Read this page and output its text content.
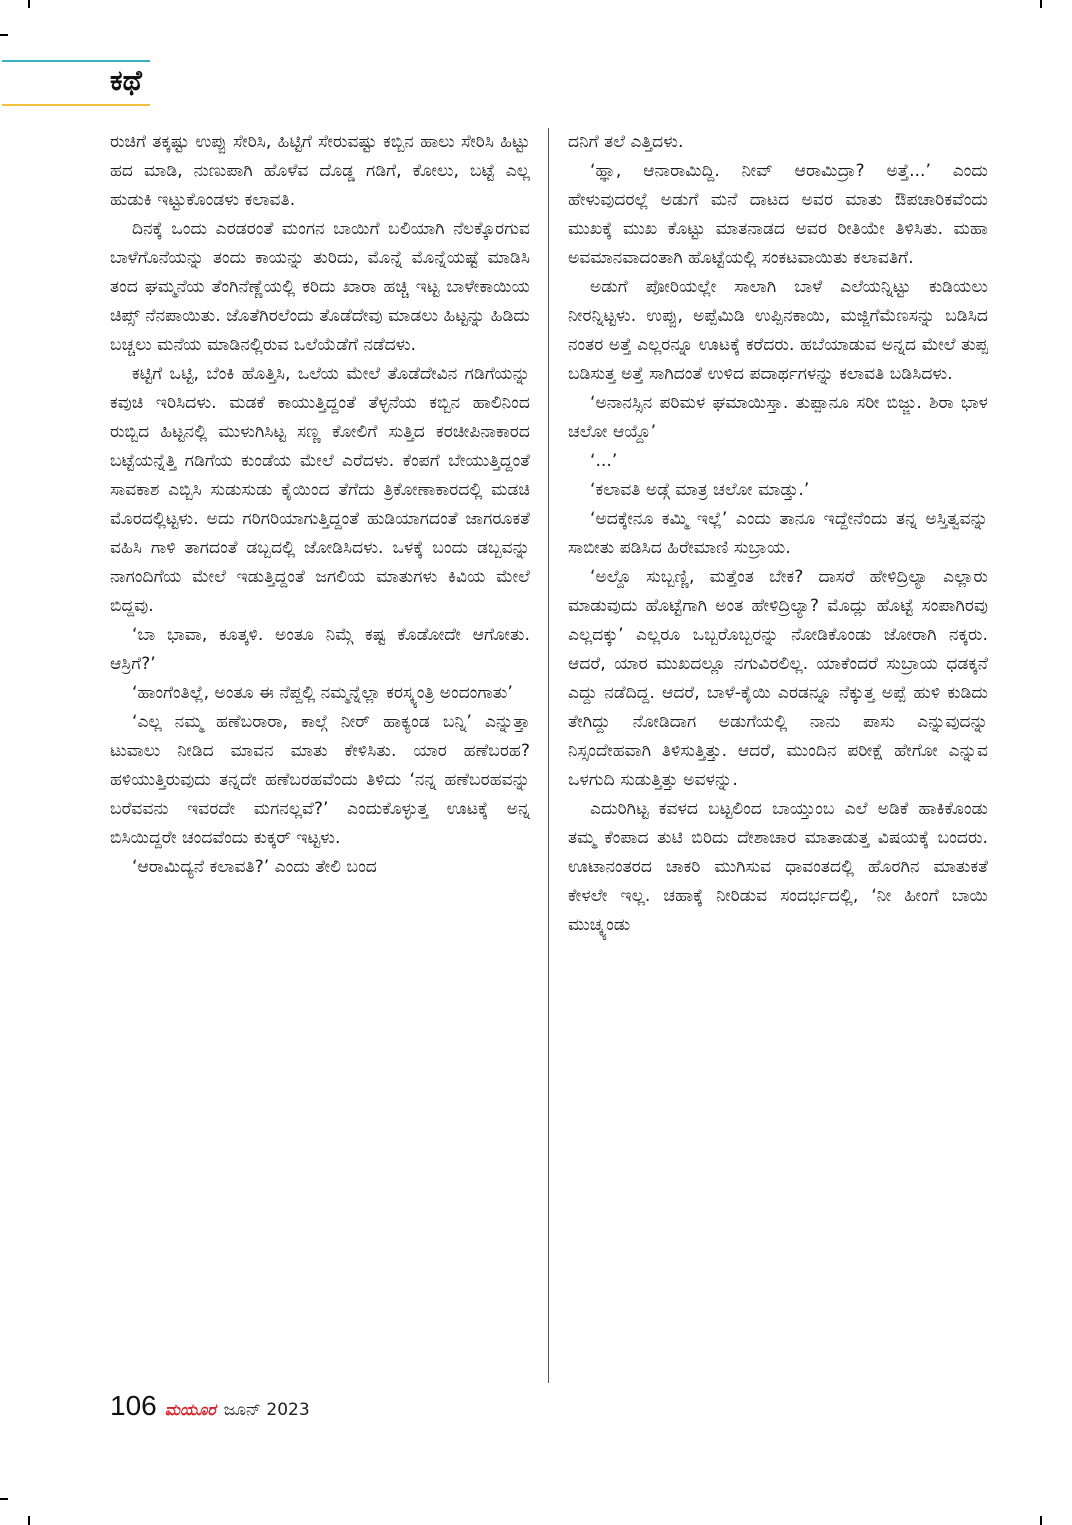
ಕಥೆ

ರುಚಿಗೆ ತಕ್ಕಷ್ಟು ಉಪ್ಪು ಸೇರಿಸಿ, ಹಿಟ್ಟಿಗೆ ಸೇರುವಷ್ಟು ಕಬ್ಬಿನ ಹಾಲು ಸೇರಿಸಿ ಹಿಟ್ಟು ಹದ ಮಾಡಿ, ನುಣುಪಾಗಿ ಹೊಳೆವ ದೊಡ್ಡ ಗಡಿಗೆ, ಕೋಲು, ಬಟ್ಟೆ ಎಲ್ಲ ಹುಡುಕಿ ಇಟ್ಟುಕೊಂಡಳು ಕಲಾವತಿ.

ದಿನಕ್ಕೆ ಒಂದು ಎರಡರಂತೆ ಮಂಗನ ಬಾಯಿಗೆ ಬಲಿಯಾಗಿ ನೆಲಕ್ಕೊರಗುವ ಬಾಳೆಗೊನೆಯನ್ನು ತಂದು ಕಾಯನ್ನು ತುರಿದು, ಮೊನ್ನೆ ಮೊನ್ನೆಯಷ್ಟೆ ಮಾಡಿಸಿ ತಂದ ಘಮ್ಮನೆಯ ತೆಂಗಿನೆಣ್ಣೆಯಲ್ಲಿ ಕರಿದು ಖಾರಾ ಹಚ್ಚಿ ಇಟ್ಟ ಬಾಳೇಕಾಯಿಯ ಚಿಪ್ಸ್ ನೆನಪಾಯಿತು. ಜೊತೆಗಿರಲೆಂದು ತೊಡೆದೇವು ಮಾಡಲು ಹಿಟ್ಟನ್ನು ಹಿಡಿದು ಬಚ್ಚಲು ಮನೆಯ ಮಾಡಿನಲ್ಲಿರುವ ಒಲೆಯೆಡೆಗೆ ನಡೆದಳು.

ಕಟ್ಟಿಗೆ ಒಟ್ಟಿ, ಬೆಂಕಿ ಹೊತ್ತಿಸಿ, ಒಲೆಯ ಮೇಲೆ ತೊಡೆದೇವಿನ ಗಡಿಗೆಯನ್ನು ಕವುಚಿ ಇರಿಸಿದಳು. ಮಡಕೆ ಕಾಯುತ್ತಿದ್ದಂತೆ ತೆಳ್ಳನೆಯ ಕಬ್ಬಿನ ಹಾಲಿನಿಂದ ರುಬ್ಬಿದ ಹಿಟ್ಟನಲ್ಲಿ ಮುಳುಗಿಸಿಟ್ಟ ಸಣ್ಣ ಕೋಲಿಗೆ ಸುತ್ತಿದ ಕರಚೀಪಿನಾಕಾರದ ಬಟ್ಟೆಯನ್ನೆತ್ತಿ ಗಡಿಗೆಯ ಕುಂಡೆಯ ಮೇಲೆ ಎರೆದಳು. ಕೆಂಪಗೆ ಬೇಯುತ್ತಿದ್ದಂತೆ ಸಾವಕಾಶ ಎಬ್ಬಿಸಿ ಸುಡುಸುಡು ಕೈಯಿಂದ ತೆಗೆದು ತ್ರಿಕೋಣಾಕಾರದಲ್ಲಿ ಮಡಚಿ ಮೊರದಲ್ಲಿಟ್ಟಳು. ಅದು ಗರಿಗರಿಯಾಗುತ್ತಿದ್ದಂತೆ ಹುಡಿಯಾಗದಂತೆ ಜಾಗರೂಕತೆ ವಹಿಸಿ ಗಾಳಿ ತಾಗದಂತೆ ಡಬ್ಬದಲ್ಲಿ ಜೋಡಿಸಿದಳು. ಒಳಕ್ಕೆ ಬಂದು ಡಬ್ಬವನ್ನು ನಾಗಂದಿಗೆಯ ಮೇಲೆ ಇಡುತ್ತಿದ್ದಂತೆ ಜಗಲಿಯ ಮಾತುಗಳು ಕಿವಿಯ ಮೇಲೆ ಬಿದ್ದವು.

‘ಬಾ ಭಾವಾ, ಕೂತ್ಕಳಿ. ಅಂತೂ ನಿಮ್ಗೆ ಕಷ್ಟ ಕೊಡೋದೇ ಆಗೋತು. ಆಸ್ರಿಗೆ?’

‘ಹಾಂಗೆಂತಿಲ್ಲೆ, ಅಂತೂ ಈ ನೆಪ್ದಲ್ಲಿ ನಮ್ಮನ್ನೆಲ್ಲಾ ಕರಸ್ಕ್ಯಂತ್ರಿ ಅಂದಂಗಾತು’

‘ಎಲ್ಲ ನಮ್ಮ ಹಣೆಬರಾರಾ, ಕಾಲ್ಗೆ ನೀರ್ ಹಾಕ್ಯಂಡ ಬನ್ನಿ’ ಎನ್ನುತ್ತಾ ಟುವಾಲು ನೀಡಿದ ಮಾವನ ಮಾತು ಕೇಳಿಸಿತು. ಯಾರ ಹಣೆಬರಹ? ಹಳಿಯುತ್ತಿರುವುದು ತನ್ನದೇ ಹಣೆಬರಹವೆಂದು ತಿಳಿದು ‘ನನ್ನ ಹಣೆಬರಹವನ್ನು ಬರೆವವನು ಇವರದೇ ಮಗನಲ್ಲವೆ?’ ಎಂದುಕೊಳ್ಳುತ್ತ ಊಟಕ್ಕೆ ಅನ್ನ ಬಿಸಿಯಿದ್ದರೇ ಚಂದವೆಂದು ಕುಕ್ಕರ್ ಇಟ್ಟಳು.

‘ಆರಾಮಿದ್ಯನೆ ಕಲಾವತಿ?’ ಎಂದು ತೇಲಿ ಬಂದ

ದನಿಗೆ ತಲೆ ಎತ್ತಿದಳು.

‘ಹ್ಞಾ, ಆನಾರಾಮಿದ್ದಿ. ನೀವ್ ಆರಾಮಿದ್ರಾ? ಅತ್ತೆ...’ ಎಂದು ಹೇಳುವುದರಲ್ಲೆ ಅಡುಗೆ ಮನೆ ದಾಟದ ಅವರ ಮಾತು ಔಪಚಾರಿಕವೆಂದು ಮುಖಕ್ಕೆ ಮುಖ ಕೊಟ್ಟು ಮಾತನಾಡದ ಅವರ ರೀತಿಯೇ ತಿಳಿಸಿತು. ಮಹಾ ಅವಮಾನವಾದಂತಾಗಿ ಹೊಟ್ಟೆಯಲ್ಲಿ ಸಂಕಟವಾಯಿತು ಕಲಾವತಿಗೆ.

ಅಡುಗೆ ಪೋರಿಯಲ್ಲೇ ಸಾಲಾಗಿ ಬಾಳೆ ಎಲೆಯನ್ನಿಟ್ಟು ಕುಡಿಯಲು ನೀರನ್ನಿಟ್ಟಳು. ಉಪ್ಪು, ಅಪ್ಪೆಮಿಡಿ ಉಪ್ಪಿನಕಾಯಿ, ಮಜ್ಜಿಗೆಮೆಣಸನ್ನು ಬಡಿಸಿದ ನಂತರ ಅತ್ತೆ ಎಲ್ಲರನ್ನೂ ಊಟಕ್ಕೆ ಕರೆದರು. ಹಬೆಯಾಡುವ ಅನ್ನದ ಮೇಲೆ ತುಪ್ಪ ಬಡಿಸುತ್ತ ಅತ್ತೆ ಸಾಗಿದಂತೆ ಉಳಿದ ಪದಾರ್ಥಗಳನ್ನು ಕಲಾವತಿ ಬಡಿಸಿದಳು.

‘ಅನಾನಸ್ಸಿನ ಪರಿಮಳ ಘಮಾಯಿಸ್ತಾ. ತುಪ್ಪಾನೂ ಸರೀ ಬಿಜ್ಜು. ಶಿರಾ ಭಾಳ ಚಲೋ ಆಯ್ದೊ’

‘...’

‘ಕಲಾವತಿ ಅಡ್ಗೆ ಮಾತ್ರ ಚಲೋ ಮಾಡ್ತು.’

‘ಅದಕ್ಕೇನೂ ಕಮ್ಮಿ ಇಲ್ಲೆ’ ಎಂದು ತಾನೂ ಇದ್ದೇನೆಂದು ತನ್ನ ಅಸ್ತಿತ್ವವನ್ನು ಸಾಬೀತು ಪಡಿಸಿದ ಹಿರೇಮಾಣಿ ಸುಬ್ರಾಯ.

‘ಅಲ್ದೊ ಸುಬ್ಬಣ್ಣಿ, ಮತ್ತೆಂತ ಬೇಕ? ದಾಸರೆ ಹೇಳಿದ್ರಿಲ್ಯಾ ಎಲ್ಲಾರು ಮಾಡುವುದು ಹೊಟ್ಟೆಗಾಗಿ ಅಂತ ಹೇಳಿದ್ರಿಲ್ಯಾ? ಮೊದ್ಲು ಹೊಟ್ಟೆ ಸಂಪಾಗಿರವು ಎಲ್ಲದಕ್ಕು’ ಎಲ್ಲರೂ ಒಬ್ಬರೊಬ್ಬರನ್ನು ನೋಡಿಕೊಂಡು ಜೋರಾಗಿ ನಕ್ಕರು. ಆದರೆ, ಯಾರ ಮುಖದಲ್ಲೂ ನಗುವಿರಲಿಲ್ಲ. ಯಾಕೆಂದರೆ ಸುಬ್ರಾಯ ಧಡಕ್ಕನೆ ಎದ್ದು ನಡೆದಿದ್ದ. ಆದರೆ, ಬಾಳೆ-ಕೈಯಿ ಎರಡನ್ನೂ ನೆಕ್ಕುತ್ತ ಅಪ್ಪೆ ಹುಳಿ ಕುಡಿದು ತೇಗಿದ್ದು ನೋಡಿದಾಗ ಅಡುಗೆಯಲ್ಲಿ ನಾನು ಪಾಸು ಎನ್ನುವುದನ್ನು ನಿಸ್ಸಂದೇಹವಾಗಿ ತಿಳಿಸುತ್ತಿತ್ತು. ಆದರೆ, ಮುಂದಿನ ಪರೀಕ್ಷೆ ಹೇಗೋ ಎನ್ನುವ ಒಳಗುದಿ ಸುಡುತ್ತಿತ್ತು ಅವಳನ್ನು.

ಎದುರಿಗಿಟ್ಟ ಕವಳದ ಬಟ್ಟಲಿಂದ ಬಾಯ್ತುಂಬ ಎಲೆ ಅಡಿಕೆ ಹಾಕಿಕೊಂಡು ತಮ್ಮ ಕೆಂಪಾದ ತುಟಿ ಬಿರಿದು ದೇಶಾಚಾರ ಮಾತಾಡುತ್ತ ವಿಷಯಕ್ಕೆ ಬಂದರು. ಊಟಾನಂತರದ ಚಾಕರಿ ಮುಗಿಸುವ ಧಾವಂತದಲ್ಲಿ ಹೊರಗಿನ ಮಾತುಕತೆ ಕೇಳಲೇ ಇಲ್ಲ. ಚಹಾಕ್ಕೆ ನೀರಿಡುವ ಸಂದರ್ಭದಲ್ಲಿ, ‘ನೀ ಹೀಂಗೆ ಬಾಯಿ ಮುಚ್ಕ್ಯಂಡು

106 ಮಯೂರ ಜೂನ್ 2023
